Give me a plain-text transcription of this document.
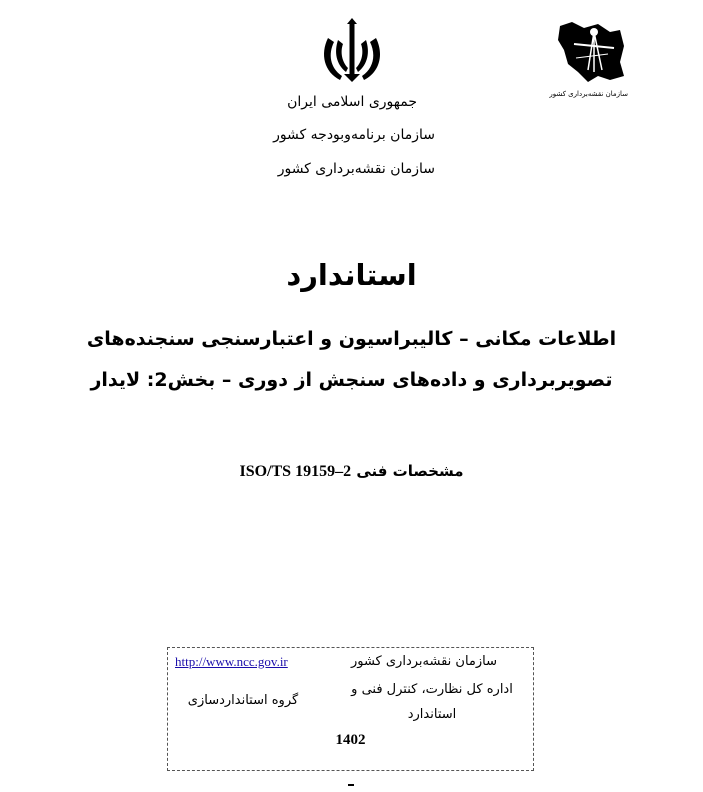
سازمان نقشه‌برداری کشور
جمهوری اسلامی ایران
سازمان برنامه‌وبودجه کشور
سازمان نقشه‌برداری کشور
استاندارد
اطلاعات مکانی – کالیبراسیون و اعتبارسنجی سنجنده‌های
تصویربرداری و داده‌های سنجش از دوری – بخش2: لایدار
ISO/TS 19159–2 مشخصات فنی
http://www.ncc.gov.ir	سازمان نقشه‌برداری کشور
اداره کل نظارت، کنترل فنی و
استاندارد
گروه استانداردسازی
1402
